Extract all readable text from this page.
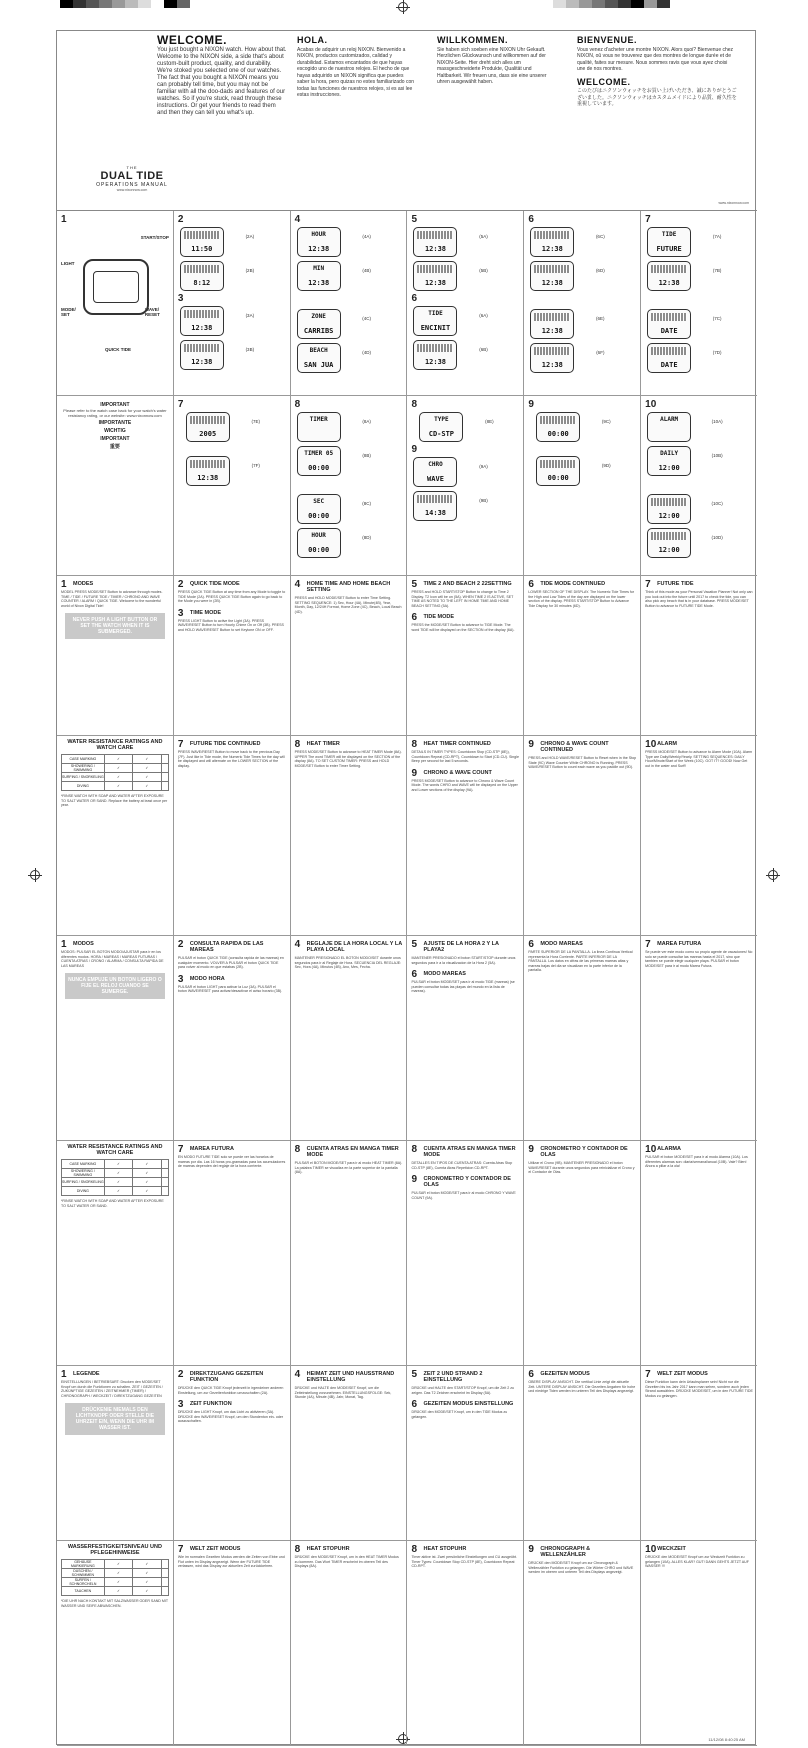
WELCOME.
You just bought a NIXON watch. How about that. Welcome to the NIXON side, a side that's about custom-built product, quality, and durability. We're stoked you selected one of our watches. The fact that you bought a NIXON means you can probably tell time, but you may not be familiar with all the doo-dads and features of our watches. So if you're stuck, read through these instructions. Or get your friends to read them and then they can tell you what's up.
HOLA.
Acabas de adquirir un reloj NIXON. Bienvenido a NIXON, productos customizados, calidad y durabilidad. Estamos encantados de que hayas escogido uno de nuestros relojes. El hecho de que hayas adquirido un NIXON significa que puedes saber la hora, pero quizas no estes familiarizado con todas las funciones de nuestros relojes, si es asi lee estas instrucciones.
WILLKOMMEN.
Sie haben sich soeben eine NIXON Uhr Gekauft. Herzlichen Glückwunsch und willkommen auf der NIXON-Seite. Hier dreht sich alles um massgeschneiderte Produkte, Qualität und Haltbarkeit. Wir freuen uns, dass sie eine unserer uhren ausgewählt haben.
BIENVENUE.
Vous venez d'acheter une montre NIXON. Alors quoi? Bienvenue chez NIXON, oû vous ne trouverez que des montres de longue durée et de qualité, faites sur mesure. Nous sommes ravis que vous ayez choisi une de nos montres.
WELCOME.
このたびはニクソンウォッチをお買い上げいただき、誠にありがとうございました。ニクソンウォッチはカスタムメイドにより品質、耐久性を重視しています。
THE
DUAL TIDE
OPERATIONS MANUAL
www.nixonnow.com
www.nixonnow.com
1
LIGHT
START/STOP
MODE/ SET
WAVE/ RESET
QUICK TIDE
2
11:50
(2A)
8:12
(2B)
3
12:38
(3A)
12:38
(3B)
4
HOUR
12:38
(4A)
MIN
12:38
(4B)
ZONE
CARRIBS
(4C)
BEACH
SAN JUA
(4D)
5
12:38
(5A)
12:38
(5B)
6
TIDE
ENCINIT
(6A)
12:38
(6B)
6
12:38
(6C)
12:38
(6D)
12:38
(6E)
12:38
(6F)
7
TIDE
FUTURE
(7A)
12:38
(7B)
DATE
(7C)
DATE
(7D)
IMPORTANT
Please refer to the watch case back for your watch's water resistancy rating, or our website: www.nixonnow.com
IMPORTANTE
WICHTIG
IMPORTANT
重要
7
2005
(7E)
12:38
(7F)
8
TIMER	(8A)
TIMER 05
00:00
(8B)
SEC
00:00
(8C)
HOUR
00:00
(8D)
8
TYPE
CD-STP
(8E)
9
CHRO
WAVE
(9A)
14:38
(9B)
9
00:00
(9C)
00:00
(9D)
10
ALARM	(10A)
DAILY
12:00
(10B)
12:00
(10C)
12:00
(10D)
1	MODES
MODEL PRESS MODE/SET Button to advance through modes. TIME / TIDE / FUTURE TIDE / TIMER / CHRONO AND WAVE COUNTER / ALARM / QUICK TIDE. Welcome to the wonderful world of Nixon Digital Tide!
NEVER PUSH A LIGHT BUTTON OR SET THE WATCH WHEN IT IS SUBMERGED.
2	QUICK TIDE MODE
PRESS QUICK TIDE Button at any time from any Mode to toggle to TIDE Mode (2A). PRESS QUICK TIDE Button again to go back to the Mode you were in (2B).
3	TIME MODE
PRESS LIGHT Button to active the Light (3A). PRESS WAVE/RESET Button to turn Hourly Chime On or Off (3B). PRESS and HOLD WAVE/RESET Button to set Keytone ON or OFF.
4	HOME TIME AND HOME BEACH SETTING
PRESS and HOLD MODE/SET Button to enter Time Setting. SETTING SEQUENCE: 1) Sec, Hour (4A), Minute(4B), Year, Month, Day, 12/24H Format, Home Zone (4C), Beach, Local Beach (4D).
5	TIME 2 AND BEACH 2 22SETTING
PRESS and HOLD START/STOP Button to change to Time 2 Display. T2 Icon will be on (5A). WHEN TIME 2 IS ACTIVE, SET TIME AS NOTED TO THE LEFT IN HOME TIME AND HOME BEACH SETTING (5A).
6	TIDE MODE
PRESS the MODE/SET Button to advance to TIDE Mode. The word TIDE will be displayed on the SECTION of the display (6A).
6	TIDE MODE CONTINUED
LOWER SECTION OF THE DISPLAY. The Numeric Tide Times for the High and Low Tides of the day are displayed on the lower section of the display. PRESS START/STOP Button to Advance Tide Display for 30 minutes (6D).
7	FUTURE TIDE
Think of this mode as your Personal Vacation Planner! Not only can you look out into the future until 2017 to check the tide, you can also pick any beach that is in your database. PRESS MODE/SET Button to advance to FUTURE TIDE Mode.
WATER RESISTANCE RATINGS AND WATCH CARE
CASE MARKING	✓	✓	
SHOWERING / SWIMMING	✓	✓	
SURFING / SNORKELING	✓	✓	
DIVING	✓	✓	
*RINSE WATCH WITH SOAP AND WATER AFTER EXPOSURE TO SALT WATER OR SAND. Replace the battery at least once per year.
7	FUTURE TIDE CONTINUED
PRESS WAVE/RESET Button to move back to the previous Day (7F). Just like in Tide mode, the Numeric Tide Times for the day will be displayed and will alternate on the LOWER SECTION of the display.
8	HEAT TIMER
PRESS MODE/SET Button to advance to HEAT TIMER Mode (8A). UPPER The word TIMER will be displayed on the SECTION of the display (8A). TO SET CUSTOM TIMER: PRESS and HOLD MODE/SET Button to enter Timer Setting.
8	HEAT TIMER CONTINUED
DETAILS IN TIMER TYPES: Countdown Stop (CD-STP (8E)), Countdown Repeat (CD-RPT), Countdown to Start (CD-CU). Single Beep per second for last 5 seconds.
9	CHRONO & WAVE COUNT
PRESS MODE/SET Button to advance to Chrono & Wave Count Mode. The words CHRO and WAVE will be displayed on the Upper and Lower sections of the display (9A).
9	CHRONO & WAVE COUNT CONTINUED
PRESS and HOLD WAVE/RESET Button to Reset when in the Stop State (9C) Wave Counter While CHRONO is Running. PRESS WAVE/RESET Button to count each wave as you paddle out (9D).
10 ALARM
PRESS MODE/SET Button to advance to Alarm Mode (10A). Alarm Type are Daily/Weekly/Yearly. SETTING SEQUENCES: DAILY Hour/Minute/Start of the Week (10C). GOT IT? GOOD! Now Get out in the water and Surf!!
1	MODOS
MODOS: PULSAR EL BOTON MODO/AJUSTAR para ir en los diferentes modos. HORA / MAREAS / MAREAS FUTURAS / CUENTA ATRAS / CRONO / ALARMA / CONSULTA RAPIDA DE LAS MAREAS
NUNCA EMPUJE UN BOTON LIGERO O FIJE EL RELOJ CUANDO SE SUMERGE.
2	CONSULTA RAPIDA DE LAS MAREAS
PULSAR el boton QUICK TIDE (consulta rapida de las mareas) en cualquier momento. VOLVER A PULSAR el boton QUICK TIDE para volver al modo en que estabas (2B).
3	MODO HORA
PULSAR el boton LIGHT para activar la Luz (3A). PULSAR el boton WAVE/RESET para activar/desactivar el aviso horario (3B).
4	REGLAJE DE LA HORA LOCAL Y LA PLAYA LOCAL
MANTENER PRESIONADO EL BOTON MODO/SET durante unos segundos para ir al Reglaje de Hora. SECUENCIA DEL REGLAJE: Sec, Hora (4A), Minutos (4B), Ano, Mes, Fecha.
5	AJUSTE DE LA HORA 2 Y LA PLAYA2
MANTENER PRESIONADO el boton START/STOP durante unos segundos para ir a la visualizacion de la Hora 2 (5A).
6	MODO MAREAS
PULSAR el boton MODE/SET para ir al modo TIDE (mareas) (se pueden consultar todas las playas del mundo en la lista de mareas).
6	MODO MAREAS
PARTE SUPERIOR DE LA PANTALLA. La linea Continua Vertical representa la Hora Corriente. PARTE INFERIOR DE LA PANTALLA. Los datos en cifras de las primeras mareas altas y mareas bajas del dia se visualizan en la parte inferior de la pantalla.
7	MAREA FUTURA
Se puede ver este modo como su propio agente de vacaciones! No solo se puede consultar las mareas hasta el 2017, sino que tambien se puede elegir cualquier playa. PULSAR el boton MODE/SET para ir al modo Marea Futura.
WATER RESISTANCE RATINGS AND WATCH CARE
CASE MARKING	✓	✓	
SHOWERING / SWIMMING	✓	✓	
SURFING / SNORKELING	✓	✓	
DIVING	✓	✓	
*RINSE WATCH WITH SOAP AND WATER AFTER EXPOSURE TO SALT WATER OR SAND.
7	MAREA FUTURA
EN MODO FUTURE TIDE solo se puede ver las horarios de mareas por dia. Las 16 horas pro-gramadas para los acumuladores de mareas dependen del reglaje de la hora corriente.
8	CUENTA ATRAS EN MANGA TIMER MODE
PULSAR el BOTON MODE/SET para ir al modo HEAT TIMER (8A). La palabra TIMER se visualiza en la parte superior de la pantalla (8A).
8	CUENTA ATRAS EN MANGA TIMER MODE
DETALLES EN TIPOS DE CUENTA ATRAS: Cuenta Atras Stop CD-STP (8E), Cuenta Atras Repeticion CD-RPT.
9	CRONOMETRO Y CONTADOR DE OLAS
PULSAR el boton MODE/SET para ir al modo CHRONO Y WAVE COUNT (9A).
9	CRONOMETRO Y CONTADOR DE OLAS
Utilizar el Crono (9B). MANTENER PRESIONADO el boton WAVE/RESET durante unos segundos para reinicializar el Crono y el Contador de Olas.
10 ALARMA
PULSAR el boton MODE/SET para ir al modo Alarma (10A). Los diferentes alarmas son: diaria/semanal/anual (10B). Vale? Bien! Ahora a pillar a la ola!
1	LEGENDE
EINSTELLUNGEN / BETRIEBSART: Drucken den MODE/SET Knopf um durch die Funktionen zu schalten. ZEIT / GEZEITEN / ZUKÜNFTIGE GEZEITEN / ZEITNEHMER (TIMER) / CHRONOGRAPH / WECKZEIT / DIREKTZUGANG GEZEITEN
DRÜCKENIE NIEMALS DEN LICHTKNOPF ODER STELLE DIE UHRZEIT EIN, WENN DIE UHR IM WASSER IST.
2	DIREKTZUGANG GEZEITEN FUNKTION
DRÜCKE den QUICK TIDE Knopf jederzeit in irgendeiner anderen Einstellung, um zur Gezeitenfunktion umzuschalten (2A).
3	ZEIT FUNKTION
DRÜCKE den LIGHT Knopf, um das Licht zu aktivieren (3A). DRÜCKE den WAVE/RESET Knopf, um den Stundenton ein- oder auszuschalten.
4	HEIMAT ZEIT UND HAUSSTRAND EINSTELLUNG
DRÜCKE und HALTE den MODE/SET Knopf, um die Zeiteinstellung vorzunehmen. EINSTELLUNGSFOLGE: Sek, Stunde (4A), Minute (4B), Jahr, Monat, Tag.
5	ZEIT 2 UND STRAND 2 EINSTELLUNG
DRÜCKE und HALTE den START/STOP Knopf, um die Zeit 2 zu zeigen. Das T2 Zeichen erscheint im Display (5A).
6	GEZEITEN MODUS EINSTELLUNG
DRÜCKE den MODE/SET Knopf, um in den TIDE Modus zu gelangen.
6	GEZEITEN MODUS
OBERE DISPLAY ANSICHT. Die vertikal Linie zeigt die aktuelle Zeit. UNTERE DISPLAY ANSICHT. Die Gezeiten Angaben für hohe und niedrige Tiden werden im unteren Teil des Displays angezeigt.
7	WELT ZEIT MODUS
Diese Funktion kann dein Urlaubsplaner sein! Nicht nur die Gezeiten bis ins Jahr 2017 kann man sehen, sondern auch jeden Strand auswählen. DRÜCKE MODE/SET, um in den FUTURE TIDE Modus zu gelangen.
WASSERFESTIGKEITSNIVEAU UND PFLEGEHINWEISE
GEHÄUSE MARKIERUNG	✓	✓	
DUSCHEN / SCHWIMMEN	✓	✓	
SURFEN / SCHNORCHELN	✓	✓	
TAUCHEN	✓	✓	
*DIE UHR NACH KONTAKT MIT SALZWASSER ODER SAND MIT WASSER UND SEIFE ABWASCHEN.
7	WELT ZEIT MODUS
Wie im normalen Gezeiten Modus werden die Zeiten von Ebbe und Flut unten im Display angezeigt. Wenn der FUTURE TIDE verlassen, wird das Display zur aktuellen Zeit zurückkehren.
8	HEAT STOPUHR
DRÜCKE den MODE/SET Knopf, um in den HEAT TIMER Modus zu kommen. Das Wort TIMER erscheint im oberen Teil des Displays (8A).
8	HEAT STOPUHR
Timer aktive ist. Zwei persönliche Einstellungen und CU ausgeübt. Timer Types: Countdown Stop CD-STP (8E), Countdown Repeat CD-RPT.
9	CHRONOGRAPH & WELLENZÄHLER
DRÜCKE den MODE/SET Knopf um zur Chronograph & Wellenzähler Funktion zu gelangen. Die Wörter CHRO und WAVE werden im oberen und unteren Teil des Displays angezeigt.
10 WECKZEIT
DRÜCKE den MODE/SET Knopf um zur Weckzeit Funktion zu gelangen (10A). ALLES KLAR? GUT! DANN GEHTS JETZT AUF WASSER !!!
11/12/08 8:40:25 AM
